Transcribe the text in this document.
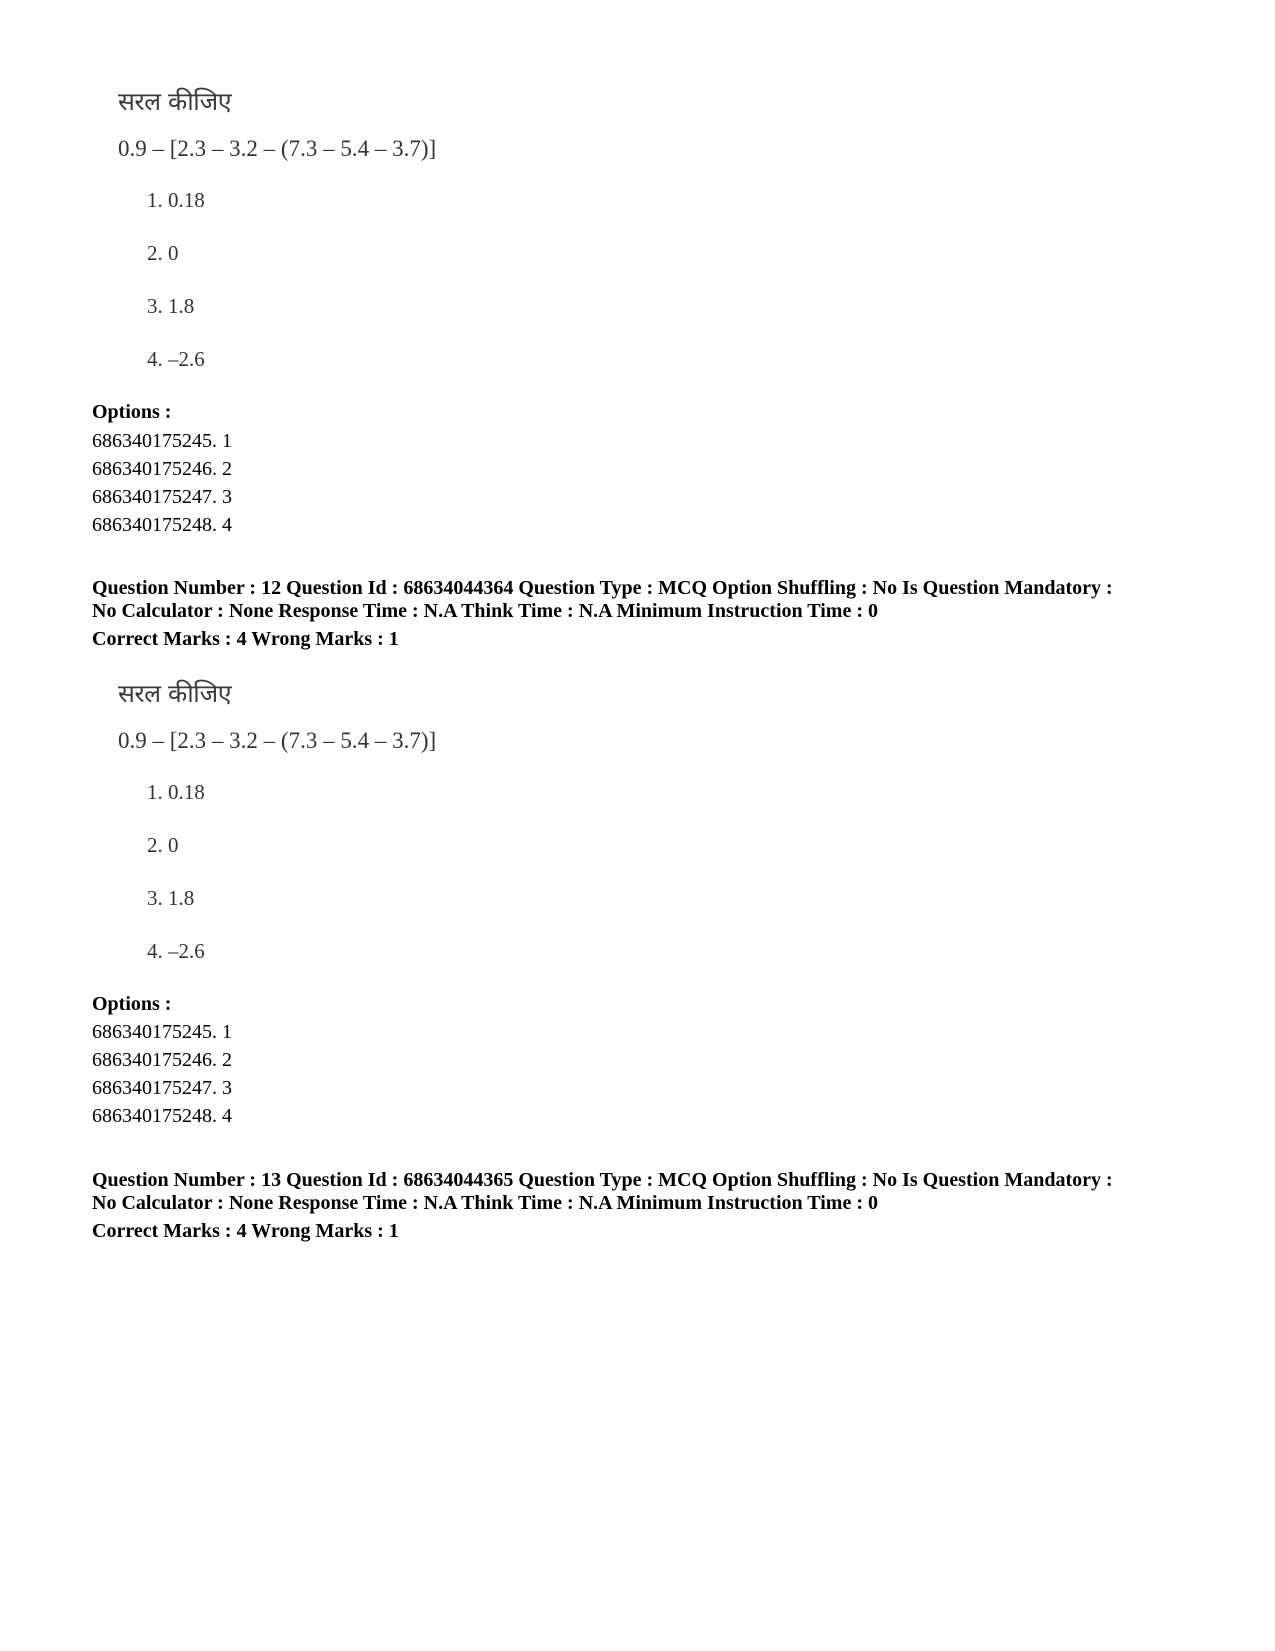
सरल कीजिए
0.9 – [2.3 – 3.2 – (7.3 – 5.4 – 3.7)]
1. 0.18
2. 0
3. 1.8
4. –2.6
Options :
686340175245. 1
686340175246. 2
686340175247. 3
686340175248. 4
Question Number : 12 Question Id : 68634044364 Question Type : MCQ Option Shuffling : No Is Question Mandatory :
No Calculator : None Response Time : N.A Think Time : N.A Minimum Instruction Time : 0
Correct Marks : 4 Wrong Marks : 1
सरल कीजिए
0.9 – [2.3 – 3.2 – (7.3 – 5.4 – 3.7)]
1. 0.18
2. 0
3. 1.8
4. –2.6
Options :
686340175245. 1
686340175246. 2
686340175247. 3
686340175248. 4
Question Number : 13 Question Id : 68634044365 Question Type : MCQ Option Shuffling : No Is Question Mandatory :
No Calculator : None Response Time : N.A Think Time : N.A Minimum Instruction Time : 0
Correct Marks : 4 Wrong Marks : 1
